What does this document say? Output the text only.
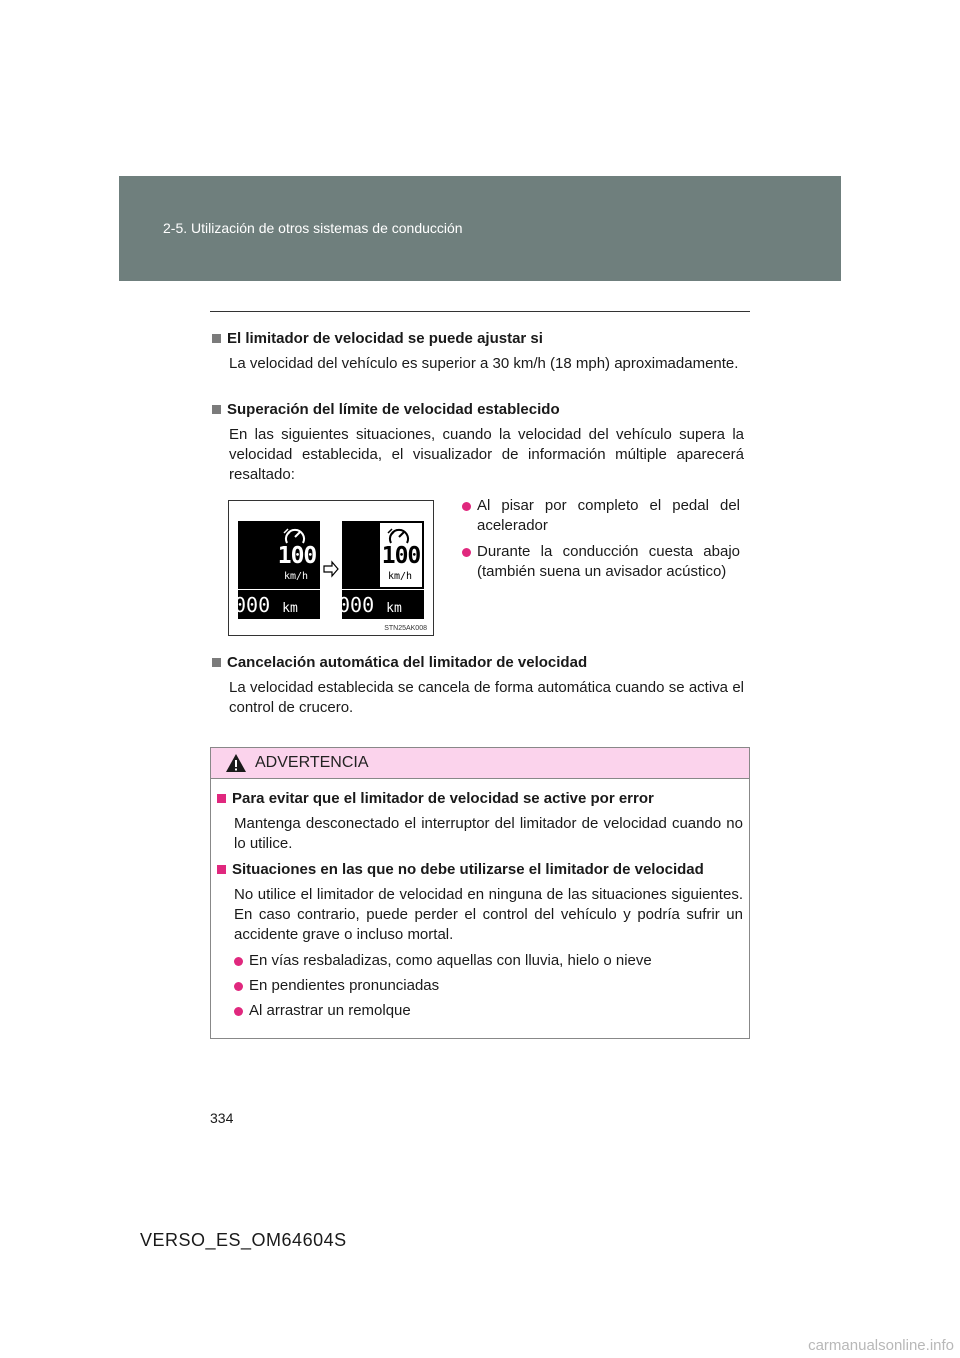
2-5. Utilización de otros sistemas de conducción
El limitador de velocidad se puede ajustar si
La velocidad del vehículo es superior a 30 km/h (18 mph) aproximadamente.
Superación del límite de velocidad establecido
En las siguientes situaciones, cuando la velocidad del vehículo supera la velocidad establecida, el visualizador de información múltiple aparecerá resaltado:
100
km/h
000 km
100
km/h
000 km
STN25AK008
Al pisar por completo el pedal del acelerador
Durante la conducción cuesta abajo (también suena un avisador acústico)
Cancelación automática del limitador de velocidad
La velocidad establecida se cancela de forma automática cuando se activa el control de crucero.
ADVERTENCIA
Para evitar que el limitador de velocidad se active por error
Mantenga desconectado el interruptor del limitador de velocidad cuando no lo utilice.
Situaciones en las que no debe utilizarse el limitador de velocidad
No utilice el limitador de velocidad en ninguna de las situaciones siguientes. En caso contrario, puede perder el control del vehículo y podría sufrir un accidente grave o incluso mortal.
En vías resbaladizas, como aquellas con lluvia, hielo o nieve
En pendientes pronunciadas
Al arrastrar un remolque
334
VERSO_ES_OM64604S
carmanualsonline.info
